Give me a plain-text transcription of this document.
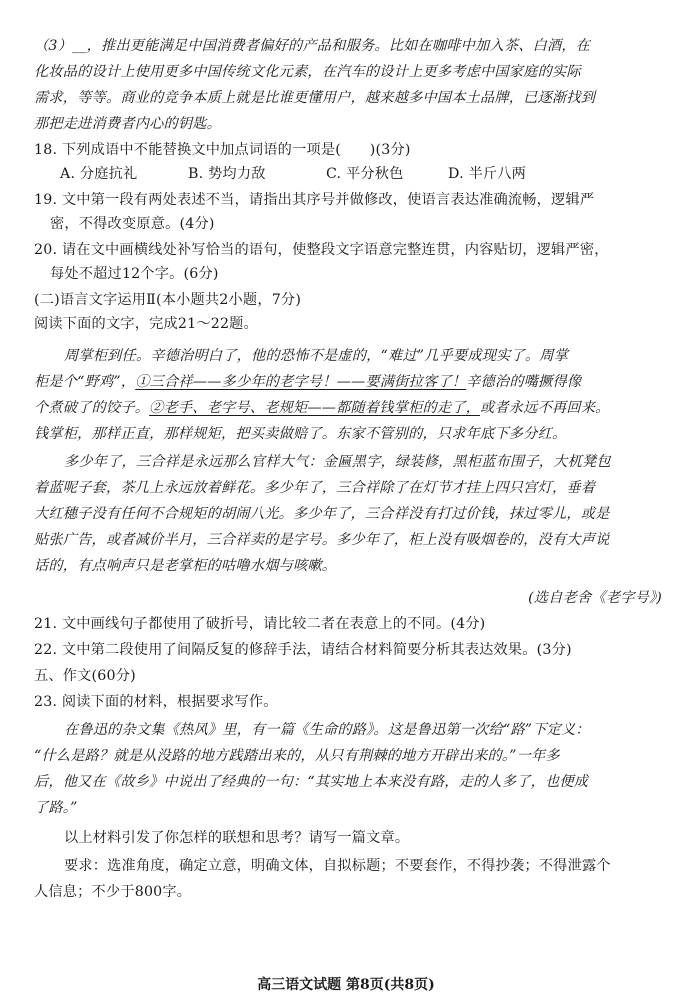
（3）__，推出更能满足中国消费者偏好的产品和服务。比如在咖啡中加入茶、白酒，在
化妆品的设计上使用更多中国传统文化元素，在汽车的设计上更多考虑中国家庭的实际
需求，等等。商业的竞争本质上就是比谁更懂用户，越来越多中国本土品牌，已逐渐找到
那把走进消费者内心的钥匙。
18. 下列成语中不能替换文中加点词语的一项是(　　)(3分)
A. 分庭抗礼	B. 势均力敌	C. 平分秋色	D. 半斤八两
19. 文中第一段有两处表述不当，请指出其序号并做修改，使语言表达准确流畅，逻辑严
密，不得改变原意。(4分)
20. 请在文中画横线处补写恰当的语句，使整段文字语意完整连贯，内容贴切，逻辑严密，
每处不超过12个字。(6分)
(二)语言文字运用Ⅱ(本小题共2小题，7分)
阅读下面的文字，完成21～22题。
周掌柜到任。辛德治明白了，他的恐怖不是虚的，“难过”几乎要成现实了。周掌
柜是个“野鸡”，①三合祥——多少年的老字号！——要满街拉客了！辛德治的嘴撅得像
个煮破了的饺子。②老手、老字号、老规矩——都随着钱掌柜的走了，或者永远不再回来。
钱掌柜，那样正直，那样规矩，把买卖做赔了。东家不管别的，只求年底下多分红。
多少年了，三合祥是永远那么官样大气：金匾黑字，绿装修，黑柜蓝布围子，大杌凳包
着蓝呢子套，茶几上永远放着鲜花。多少年了，三合祥除了在灯节才挂上四只宫灯，垂着
大红穗子没有任何不合规矩的胡闹八光。多少年了，三合祥没有打过价钱，抹过零儿，或是
贴张广告，或者减价半月，三合祥卖的是字号。多少年了，柜上没有吸烟卷的，没有大声说
话的，有点响声只是老掌柜的咕噜水烟与咳嗽。
(选自老舍《老字号》)
21. 文中画线句子都使用了破折号，请比较二者在表意上的不同。(4分)
22. 文中第二段使用了间隔反复的修辞手法，请结合材料简要分析其表达效果。(3分)
五、作文(60分)
23. 阅读下面的材料，根据要求写作。
在鲁迅的杂文集《热风》里，有一篇《生命的路》。这是鲁迅第一次给“路”下定义：
“什么是路？就是从没路的地方践踏出来的，从只有荆棘的地方开辟出来的。”一年多
后，他又在《故乡》中说出了经典的一句：“其实地上本来没有路，走的人多了，也便成
了路。”
以上材料引发了你怎样的联想和思考？请写一篇文章。
要求：选准角度，确定立意，明确文体，自拟标题；不要套作，不得抄袭；不得泄露个
人信息；不少于800字。
高三语文试题 第8页(共8页)
